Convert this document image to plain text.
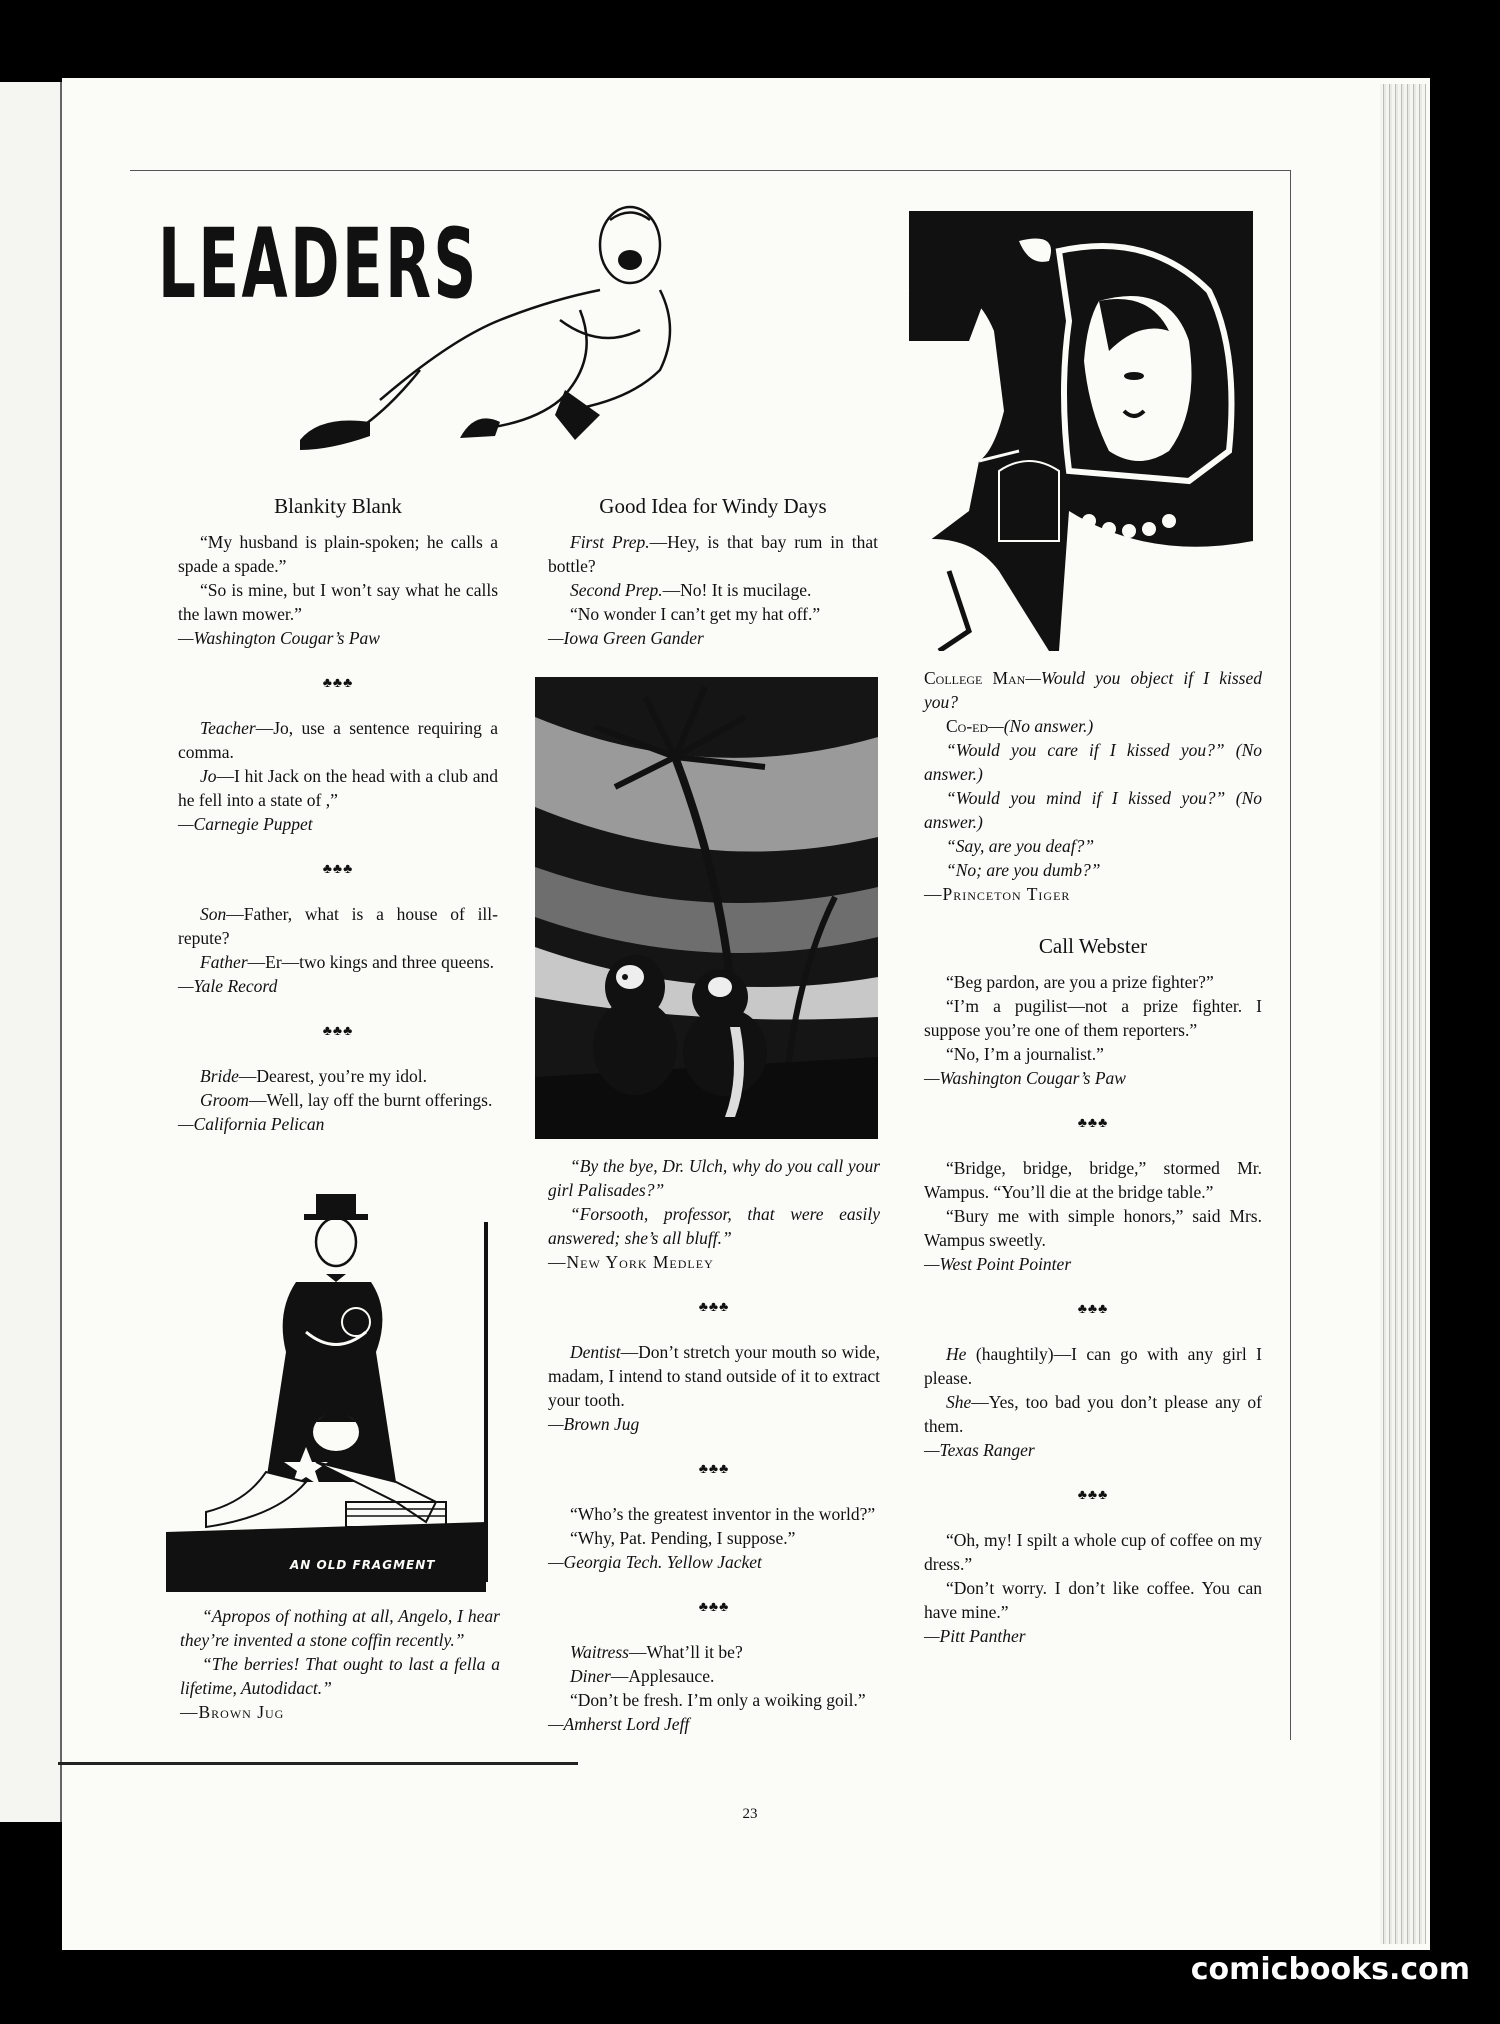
LEADERS
Blankity Blank

“My husband is plain-spoken; he calls a spade a spade.”

“So is mine, but I won’t say what he calls the lawn mower.”

—Washington Cougar’s Paw

♣♣♣

Teacher—Jo, use a sentence requiring a comma.

Jo—I hit Jack on the head with a club and he fell into a state of ,”

—Carnegie Puppet

♣♣♣

Son—Father, what is a house of ill-repute?

Father—Er—two kings and three queens.

—Yale Record

♣♣♣

Bride—Dearest, you’re my idol.

Groom—Well, lay off the burnt offerings.

—California Pelican

AN OLD FRAGMENT

“Apropos of nothing at all, Angelo, I hear they’re invented a stone coffin recently.”

“The berries! That ought to last a fella a lifetime, Autodidact.”

—Brown Jug

Good Idea for Windy Days

First Prep.—Hey, is that bay rum in that bottle?

Second Prep.—No! It is mucilage.

“No wonder I can’t get my hat off.”

—Iowa Green Gander

“By the bye, Dr. Ulch, why do you call your girl Palisades?”

“Forsooth, professor, that were easily answered; she’s all bluff.”

—New York Medley

♣♣♣

Dentist—Don’t stretch your mouth so wide, madam, I intend to stand outside of it to extract your tooth.

—Brown Jug

♣♣♣

“Who’s the greatest inventor in the world?”

“Why, Pat. Pending, I suppose.”

—Georgia Tech. Yellow Jacket

♣♣♣

Waitress—What’ll it be?

Diner—Applesauce.

“Don’t be fresh. I’m only a woiking goil.”

—Amherst Lord Jeff

College Man—Would you object if I kissed you?

Co-ed—(No answer.)

“Would you care if I kissed you?” (No answer.)

“Would you mind if I kissed you?” (No answer.)

“Say, are you deaf?”

“No; are you dumb?”

—Princeton Tiger

Call Webster

“Beg pardon, are you a prize fighter?”

“I’m a pugilist—not a prize fighter. I suppose you’re one of them reporters.”

“No, I’m a journalist.”

—Washington Cougar’s Paw

♣♣♣

“Bridge, bridge, bridge,” stormed Mr. Wampus. “You’ll die at the bridge table.”

“Bury me with simple honors,” said Mrs. Wampus sweetly.

—West Point Pointer

♣♣♣

He (haughtily)—I can go with any girl I please.

She—Yes, too bad you don’t please any of them.

—Texas Ranger

♣♣♣

“Oh, my! I spilt a whole cup of coffee on my dress.”

“Don’t worry. I don’t like coffee. You can have mine.”

—Pitt Panther

23
comicbooks.com
